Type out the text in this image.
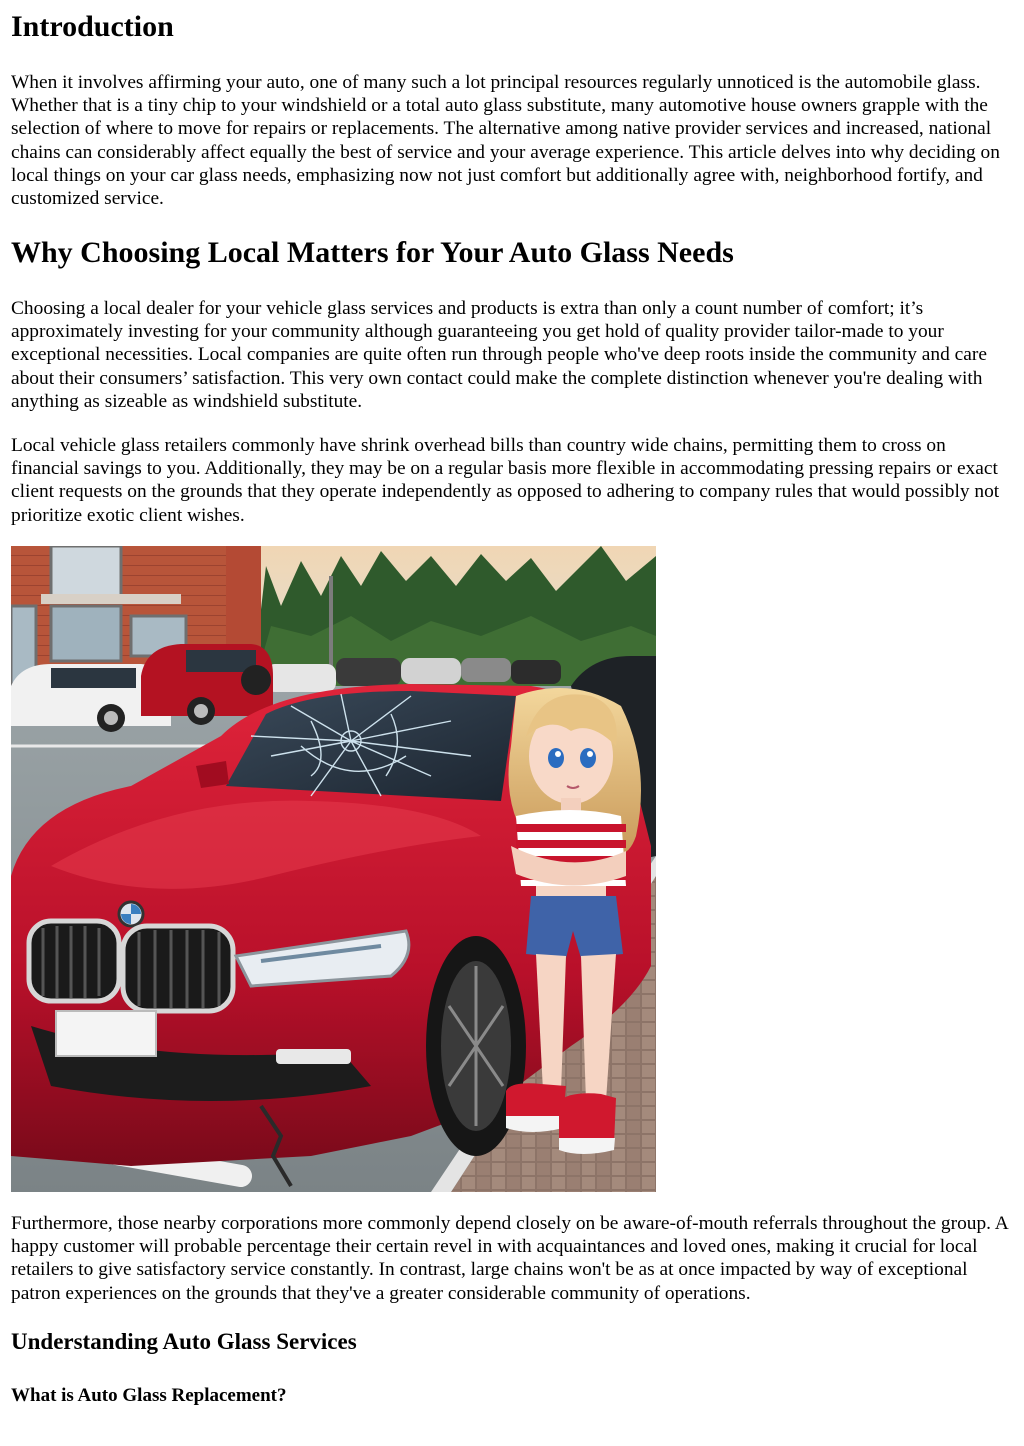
Introduction

When it involves affirming your auto, one of many such a lot principal resources regularly unnoticed is the automobile glass. Whether that is a tiny chip to your windshield or a total auto glass substitute, many automotive house owners grapple with the selection of where to move for repairs or replacements. The alternative among native provider services and increased, national chains can considerably affect equally the best of service and your average experience. This article delves into why deciding on local things on your car glass needs, emphasizing now not just comfort but additionally agree with, neighborhood fortify, and customized service.

Why Choosing Local Matters for Your Auto Glass Needs

Choosing a local dealer for your vehicle glass services and products is extra than only a count number of comfort; it’s approximately investing for your community although guaranteeing you get hold of quality provider tailor-made to your exceptional necessities. Local companies are quite often run through people who've deep roots inside the community and care about their consumers’ satisfaction. This very own contact could make the complete distinction whenever you're dealing with anything as sizeable as windshield substitute.

Local vehicle glass retailers commonly have shrink overhead bills than country wide chains, permitting them to cross on financial savings to you. Additionally, they may be on a regular basis more flexible in accommodating pressing repairs or exact client requests on the grounds that they operate independently as opposed to adhering to company rules that would possibly not prioritize exotic client wishes.

Furthermore, those nearby corporations more commonly depend closely on be aware-of-mouth referrals throughout the group. A happy customer will probable percentage their certain revel in with acquaintances and loved ones, making it crucial for local retailers to give satisfactory service constantly. In contrast, large chains won't be as at once impacted by way of exceptional patron experiences on the grounds that they've a greater considerable community of operations.

Understanding Auto Glass Services
What is Auto Glass Replacement?
